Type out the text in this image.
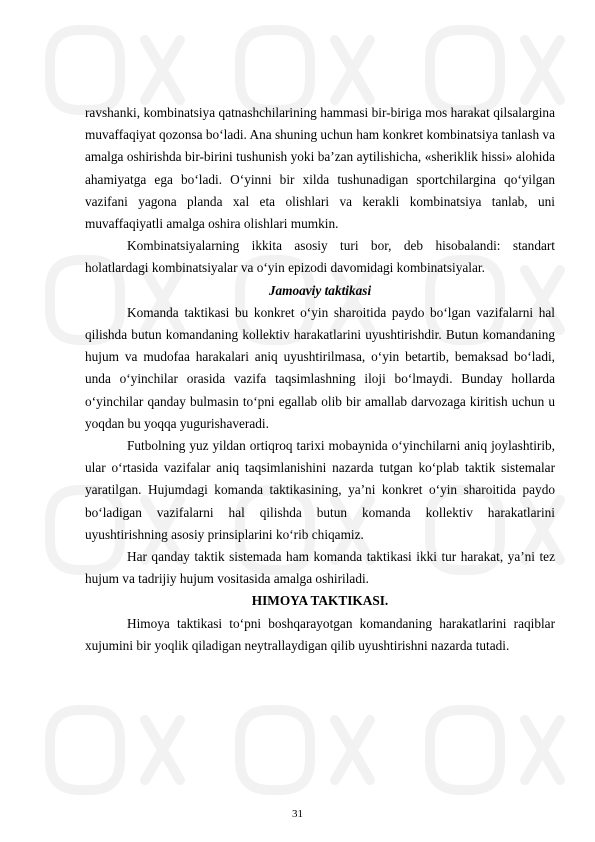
ravshanki, kombinatsiya qatnashchilarining hammasi bir-biriga mos harakat qilsalargina muvaffaqiyat qozonsa bo‘ladi. Ana shuning uchun ham konkret kombinatsiya tanlash va amalga oshirishda bir-birini tushunish yoki ba’zan aytilishicha, «sheriklik hissi» alohida ahamiyatga ega bo‘ladi. O‘yinni bir xilda tushunadigan sportchilargina qo‘yilgan vazifani yagona planda xal eta olishlari va kerakli kombinatsiya tanlab, uni muvaffaqiyatli amalga oshira olishlari mumkin.

Kombinatsiyalarning ikkita asosiy turi bor, deb hisobalandi: standart holatlardagi kombinatsiyalar va o‘yin epizodi davomidagi kombinatsiyalar.

Jamoaviy taktikasi

Komanda taktikasi bu konkret o‘yin sharoitida paydo bo‘lgan vazifalarni hal qilishda butun komandaning kollektiv harakatlarini uyushtirishdir. Butun komandaning hujum va mudofaa harakalari aniq uyushtirilmasa, o‘yin betartib, bemaksad bo‘ladi, unda o‘yinchilar orasida vazifa taqsimlashning iloji bo‘lmaydi. Bunday hollarda o‘yinchilar qanday bulmasin to‘pni egallab olib bir amallab darvozaga kiritish uchun u yoqdan bu yoqqa yugurishaveradi.

Futbolning yuz yildan ortiqroq tarixi mobaynida o‘yinchilarni aniq joylashtirib, ular o‘rtasida vazifalar aniq taqsimlanishini nazarda tutgan ko‘plab taktik sistemalar yaratilgan. Hujumdagi komanda taktikasining, ya’ni konkret o‘yin sharoitida paydo bo‘ladigan vazifalarni hal qilishda butun komanda kollektiv harakatlarini uyushtirishning asosiy prinsiplarini ko‘rib chiqamiz.

Har qanday taktik sistemada ham komanda taktikasi ikki tur harakat, ya’ni tez hujum va tadrijiy hujum vositasida amalga oshiriladi.

HIMOYA TAKTIKASI.

Himoya taktikasi to‘pni boshqarayotgan komandaning harakatlarini raqiblar xujumini bir yoqlik qiladigan neytrallaydigan qilib uyushtirishni nazarda tutadi.

31
